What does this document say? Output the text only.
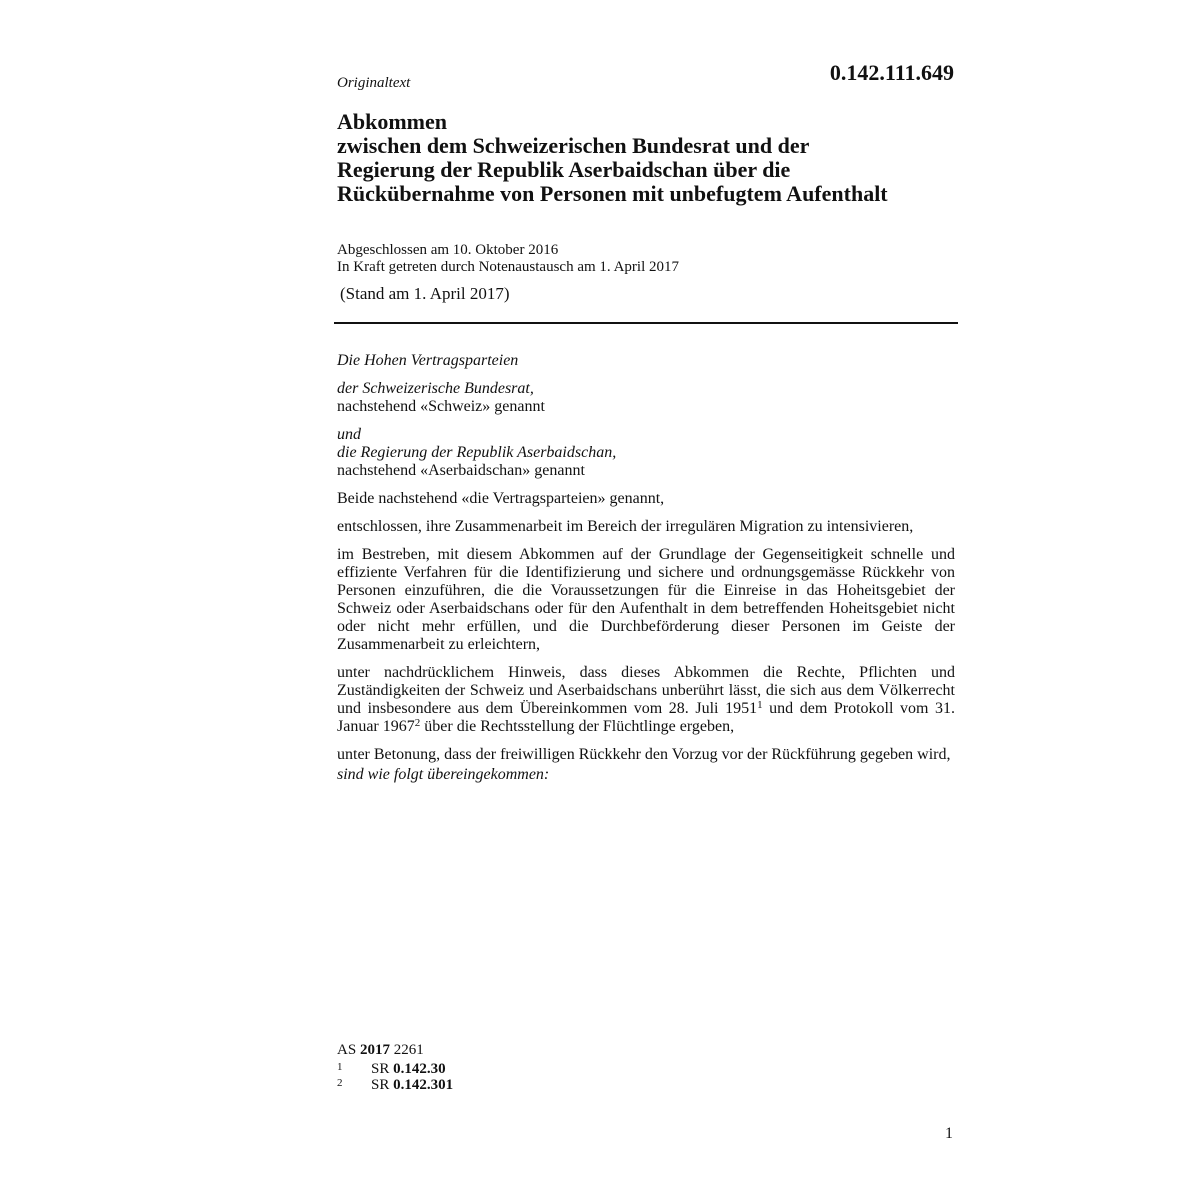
Originaltext	0.142.111.649
Abkommen
zwischen dem Schweizerischen Bundesrat und der
Regierung der Republik Aserbaidschan über die
Rückübernahme von Personen mit unbefugtem Aufenthalt
Abgeschlossen am 10. Oktober 2016
In Kraft getreten durch Notenaustausch am 1. April 2017
(Stand am 1. April 2017)

Die Hohen Vertragsparteien

der Schweizerische Bundesrat,
nachstehend «Schweiz» genannt

und
die Regierung der Republik Aserbaidschan,
nachstehend «Aserbaidschan» genannt

Beide nachstehend «die Vertragsparteien» genannt,

entschlossen, ihre Zusammenarbeit im Bereich der irregulären Migration zu intensivieren,

im Bestreben, mit diesem Abkommen auf der Grundlage der Gegenseitigkeit schnelle und effiziente Verfahren für die Identifizierung und sichere und ordnungsgemässe Rückkehr von Personen einzuführen, die die Voraussetzungen für die Einreise in das Hoheitsgebiet der Schweiz oder Aserbaidschans oder für den Aufenthalt in dem betreffenden Hoheitsgebiet nicht oder nicht mehr erfüllen, und die Durchbeförderung dieser Personen im Geiste der Zusammenarbeit zu erleichtern,

unter nachdrücklichem Hinweis, dass dieses Abkommen die Rechte, Pflichten und Zuständigkeiten der Schweiz und Aserbaidschans unberührt lässt, die sich aus dem Völkerrecht und insbesondere aus dem Übereinkommen vom 28. Juli 1951$^1$ und dem Protokoll vom 31. Januar 1967$^2$ über die Rechtsstellung der Flüchtlinge ergeben,

unter Betonung, dass der freiwilligen Rückkehr den Vorzug vor der Rückführung gegeben wird,

sind wie folgt übereingekommen:

AS 2017 2261
1	SR 0.142.30
2	SR 0.142.301
1
